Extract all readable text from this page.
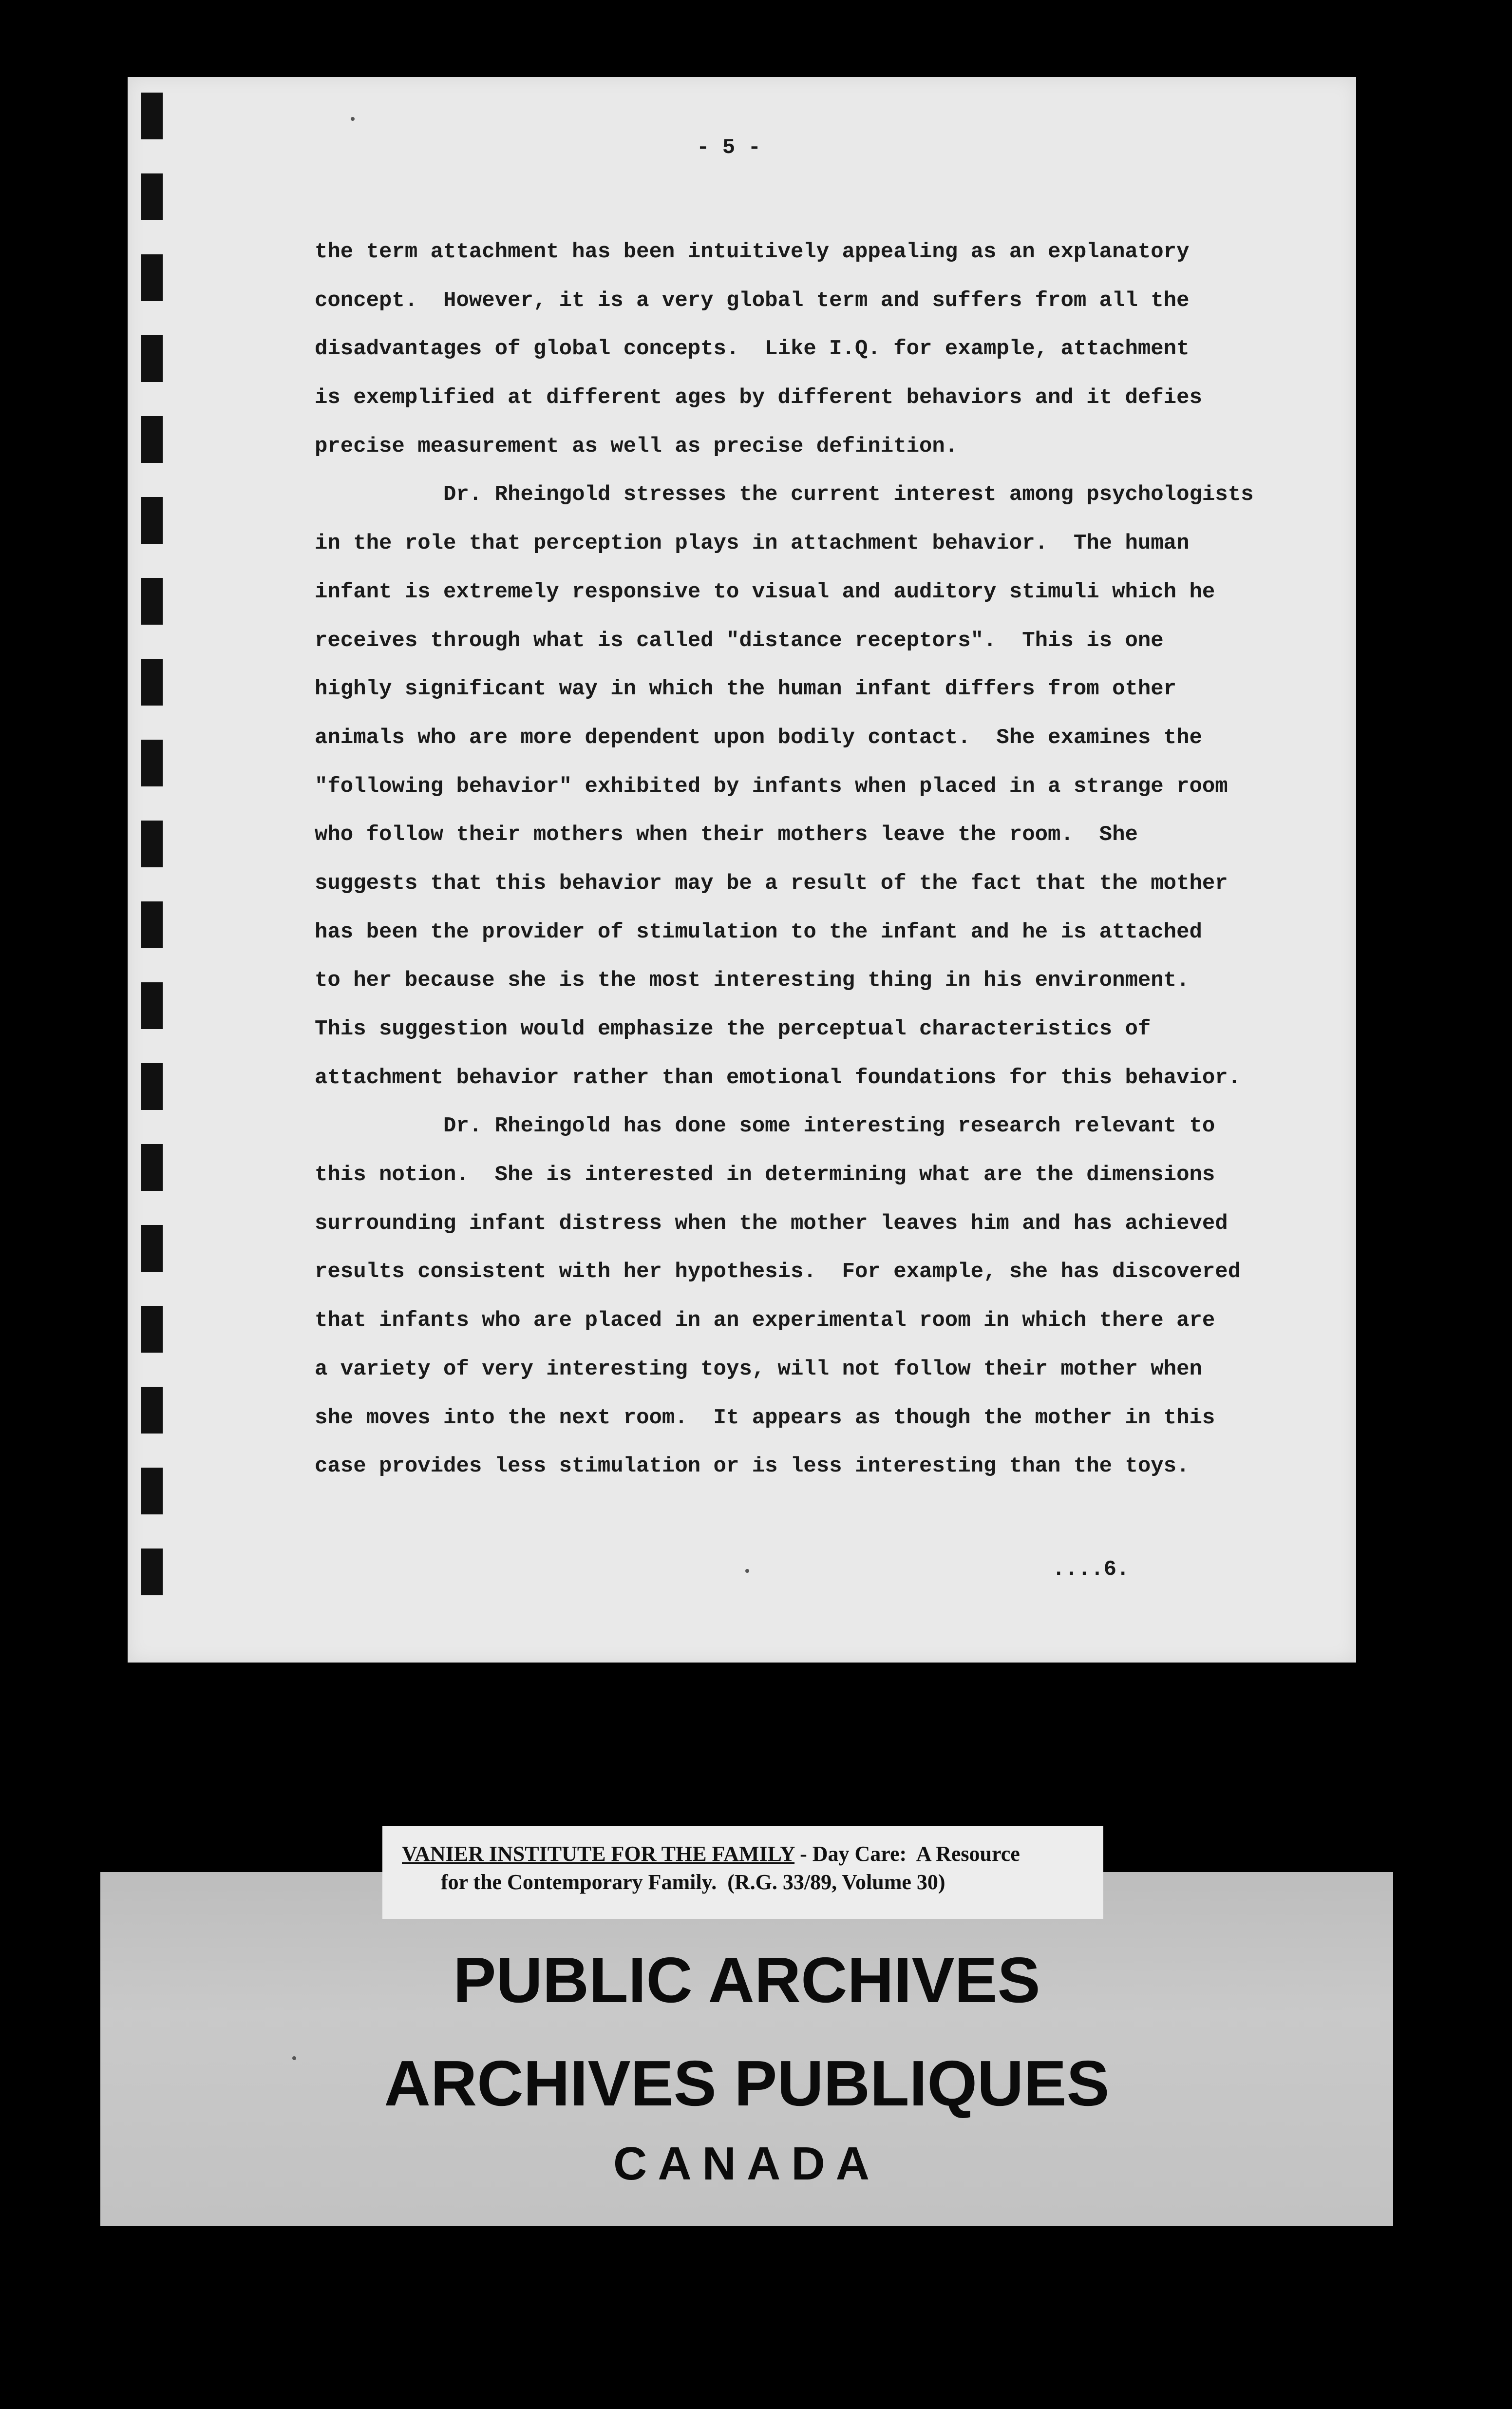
- 5 -
the term attachment has been intuitively appealing as an explanatory
concept.  However, it is a very global term and suffers from all the
disadvantages of global concepts.  Like I.Q. for example, attachment
is exemplified at different ages by different behaviors and it defies
precise measurement as well as precise definition.
Dr. Rheingold stresses the current interest among psychologists
in the role that perception plays in attachment behavior.  The human
infant is extremely responsive to visual and auditory stimuli which he
receives through what is called "distance receptors".  This is one
highly significant way in which the human infant differs from other
animals who are more dependent upon bodily contact.  She examines the
"following behavior" exhibited by infants when placed in a strange room
who follow their mothers when their mothers leave the room.  She
suggests that this behavior may be a result of the fact that the mother
has been the provider of stimulation to the infant and he is attached
to her because she is the most interesting thing in his environment.
This suggestion would emphasize the perceptual characteristics of
attachment behavior rather than emotional foundations for this behavior.
Dr. Rheingold has done some interesting research relevant to
this notion.  She is interested in determining what are the dimensions
surrounding infant distress when the mother leaves him and has achieved
results consistent with her hypothesis.  For example, she has discovered
that infants who are placed in an experimental room in which there are
a variety of very interesting toys, will not follow their mother when
she moves into the next room.  It appears as though the mother in this
case provides less stimulation or is less interesting than the toys.
....6.
VANIER INSTITUTE FOR THE FAMILY - Day Care:  A Resource
for the Contemporary Family.  (R.G. 33/89, Volume 30)
PUBLIC ARCHIVES
ARCHIVES PUBLIQUES
CANADA
